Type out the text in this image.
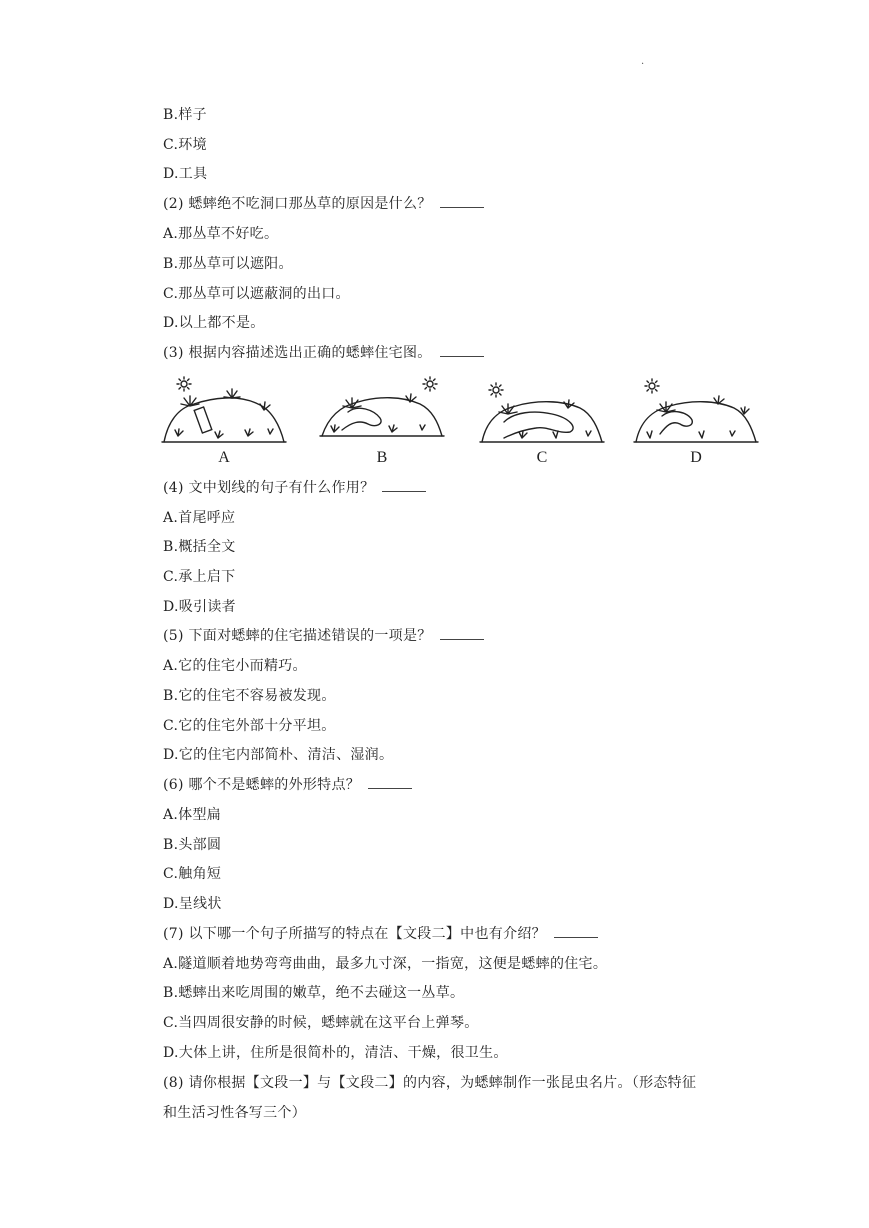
.
B.样子
C.环境
D.工具
(2) 蟋蟀绝不吃洞口那丛草的原因是什么？
A.那丛草不好吃。
B.那丛草可以遮阳。
C.那丛草可以遮蔽洞的出口。
D.以上都不是。
(3) 根据内容描述选出正确的蟋蟀住宅图。
A	B	C	D
(4) 文中划线的句子有什么作用？
A.首尾呼应
B.概括全文
C.承上启下
D.吸引读者
(5) 下面对蟋蟀的住宅描述错误的一项是？
A.它的住宅小而精巧。
B.它的住宅不容易被发现。
C.它的住宅外部十分平坦。
D.它的住宅内部简朴、清洁、湿润。
(6) 哪个不是蟋蟀的外形特点？
A.体型扁
B.头部圆
C.触角短
D.呈线状
(7) 以下哪一个句子所描写的特点在【文段二】中也有介绍？
A.隧道顺着地势弯弯曲曲，最多九寸深，一指宽，这便是蟋蟀的住宅。
B.蟋蟀出来吃周围的嫩草，绝不去碰这一丛草。
C.当四周很安静的时候，蟋蟀就在这平台上弹琴。
D.大体上讲，住所是很简朴的，清洁、干燥，很卫生。
(8) 请你根据【文段一】与【文段二】的内容，为蟋蟀制作一张昆虫名片。（形态特征
和生活习性各写三个）
